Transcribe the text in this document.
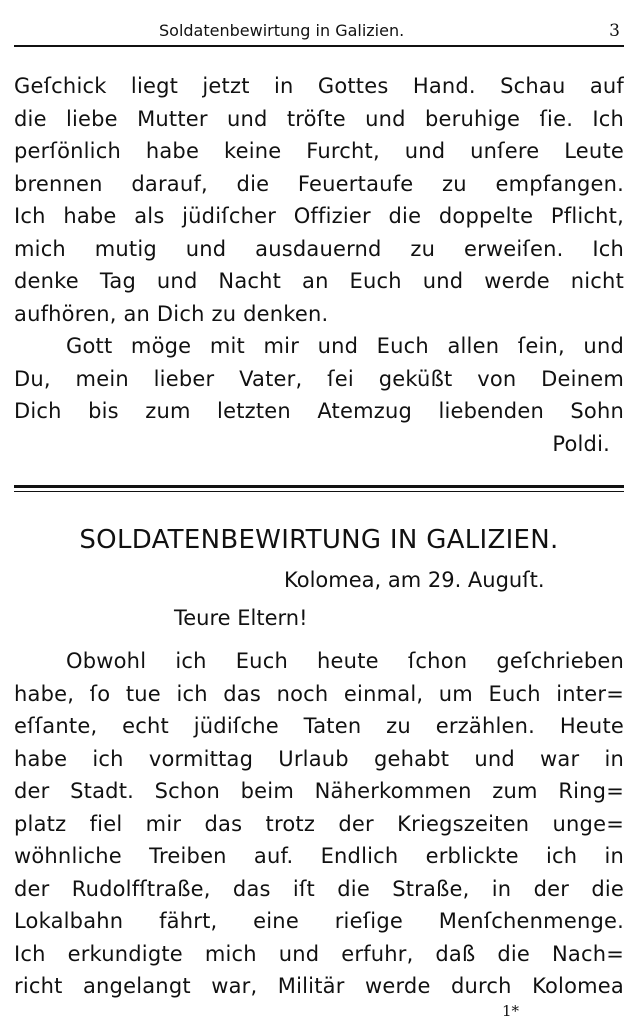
Soldatenbewirtung in Galizien.	3
Geſchick liegt jetzt in Gottes Hand. Schau auf
die liebe Mutter und tröſte und beruhige ſie. Ich
perſönlich habe keine Furcht, und unſere Leute
brennen darauf, die Feuertaufe zu empfangen.
Ich habe als jüdiſcher Offizier die doppelte Pflicht,
mich mutig und ausdauernd zu erweiſen. Ich
denke Tag und Nacht an Euch und werde nicht
aufhören, an Dich zu denken.
Gott möge mit mir und Euch allen ſein, und
Du, mein lieber Vater, ſei geküßt von Deinem
Dich bis zum letzten Atemzug liebenden Sohn
Poldi.
SOLDATENBEWIRTUNG IN GALIZIEN.
Kolomea, am 29. Auguſt.
Teure Eltern!
Obwohl ich Euch heute ſchon geſchrieben
habe, ſo tue ich das noch einmal, um Euch inter=
eſſante, echt jüdiſche Taten zu erzählen. Heute
habe ich vormittag Urlaub gehabt und war in
der Stadt. Schon beim Näherkommen zum Ring=
platz fiel mir das trotz der Kriegszeiten unge=
wöhnliche Treiben auf. Endlich erblickte ich in
der Rudolfſtraße, das iſt die Straße, in der die
Lokalbahn fährt, eine rieſige Menſchenmenge.
Ich erkundigte mich und erfuhr, daß die Nach=
richt angelangt war, Militär werde durch Kolomea
1*
